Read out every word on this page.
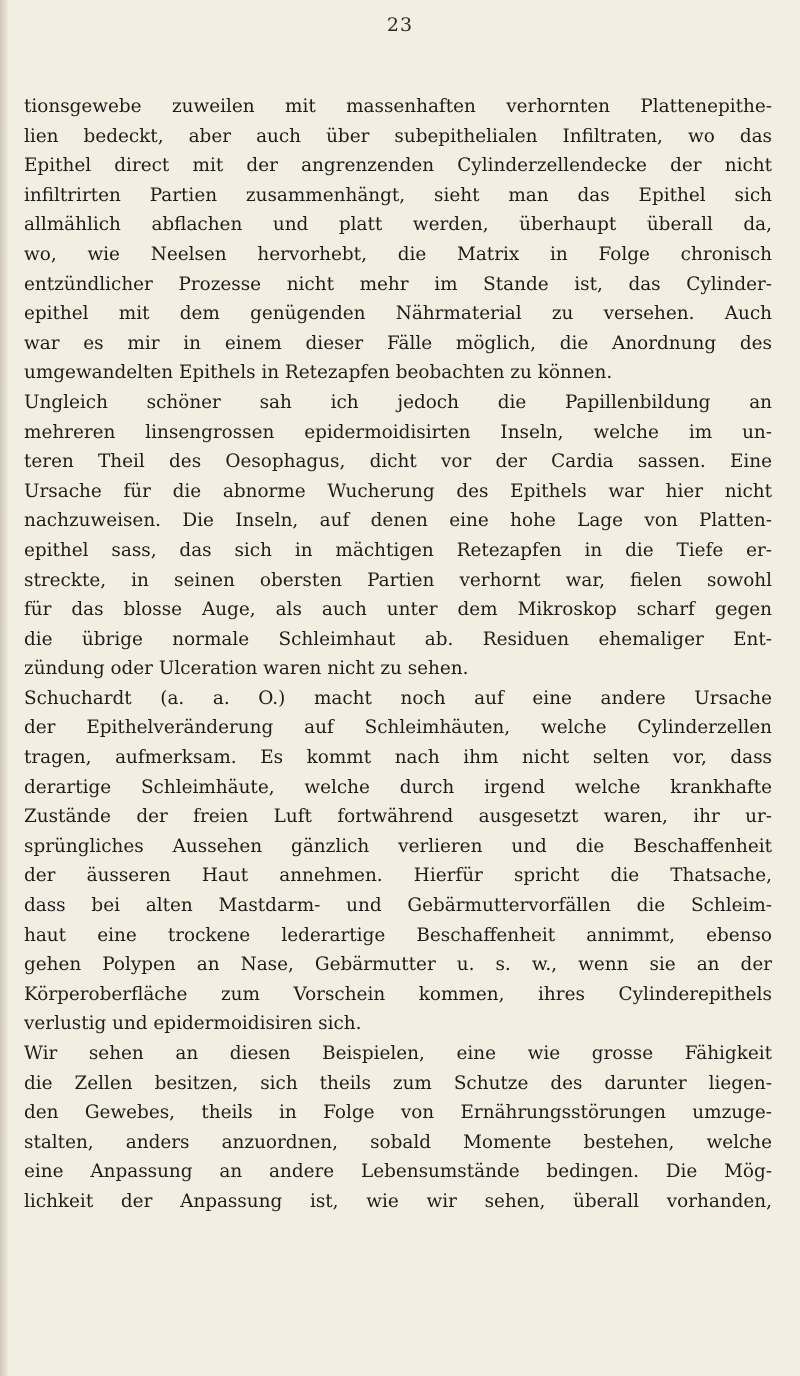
23
tionsgewebe zuweilen mit massenhaften verhornten Plattenepithe-
lien bedeckt, aber auch über subepithelialen Infiltraten, wo das
Epithel direct mit der angrenzenden Cylinderzellendecke der nicht
infiltrirten Partien zusammenhängt, sieht man das Epithel sich
allmählich abflachen und platt werden, überhaupt überall da,
wo, wie Neelsen hervorhebt, die Matrix in Folge chronisch
entzündlicher Prozesse nicht mehr im Stande ist, das Cylinder-
epithel mit dem genügenden Nährmaterial zu versehen. Auch
war es mir in einem dieser Fälle möglich, die Anordnung des
umgewandelten Epithels in Retezapfen beobachten zu können.
Ungleich schöner sah ich jedoch die Papillenbildung an
mehreren linsengrossen epidermoidisirten Inseln, welche im un-
teren Theil des Oesophagus, dicht vor der Cardia sassen. Eine
Ursache für die abnorme Wucherung des Epithels war hier nicht
nachzuweisen. Die Inseln, auf denen eine hohe Lage von Platten-
epithel sass, das sich in mächtigen Retezapfen in die Tiefe er-
streckte, in seinen obersten Partien verhornt war, fielen sowohl
für das blosse Auge, als auch unter dem Mikroskop scharf gegen
die übrige normale Schleimhaut ab. Residuen ehemaliger Ent-
zündung oder Ulceration waren nicht zu sehen.
Schuchardt (a. a. O.) macht noch auf eine andere Ursache
der Epithelveränderung auf Schleimhäuten, welche Cylinderzellen
tragen, aufmerksam. Es kommt nach ihm nicht selten vor, dass
derartige Schleimhäute, welche durch irgend welche krankhafte
Zustände der freien Luft fortwährend ausgesetzt waren, ihr ur-
sprüngliches Aussehen gänzlich verlieren und die Beschaffenheit
der äusseren Haut annehmen. Hierfür spricht die Thatsache,
dass bei alten Mastdarm- und Gebärmuttervorfällen die Schleim-
haut eine trockene lederartige Beschaffenheit annimmt, ebenso
gehen Polypen an Nase, Gebärmutter u. s. w., wenn sie an der
Körperoberfläche zum Vorschein kommen, ihres Cylinderepithels
verlustig und epidermoidisiren sich.
Wir sehen an diesen Beispielen, eine wie grosse Fähigkeit
die Zellen besitzen, sich theils zum Schutze des darunter liegen-
den Gewebes, theils in Folge von Ernährungsstörungen umzuge-
stalten, anders anzuordnen, sobald Momente bestehen, welche
eine Anpassung an andere Lebensumstände bedingen. Die Mög-
lichkeit der Anpassung ist, wie wir sehen, überall vorhanden,
